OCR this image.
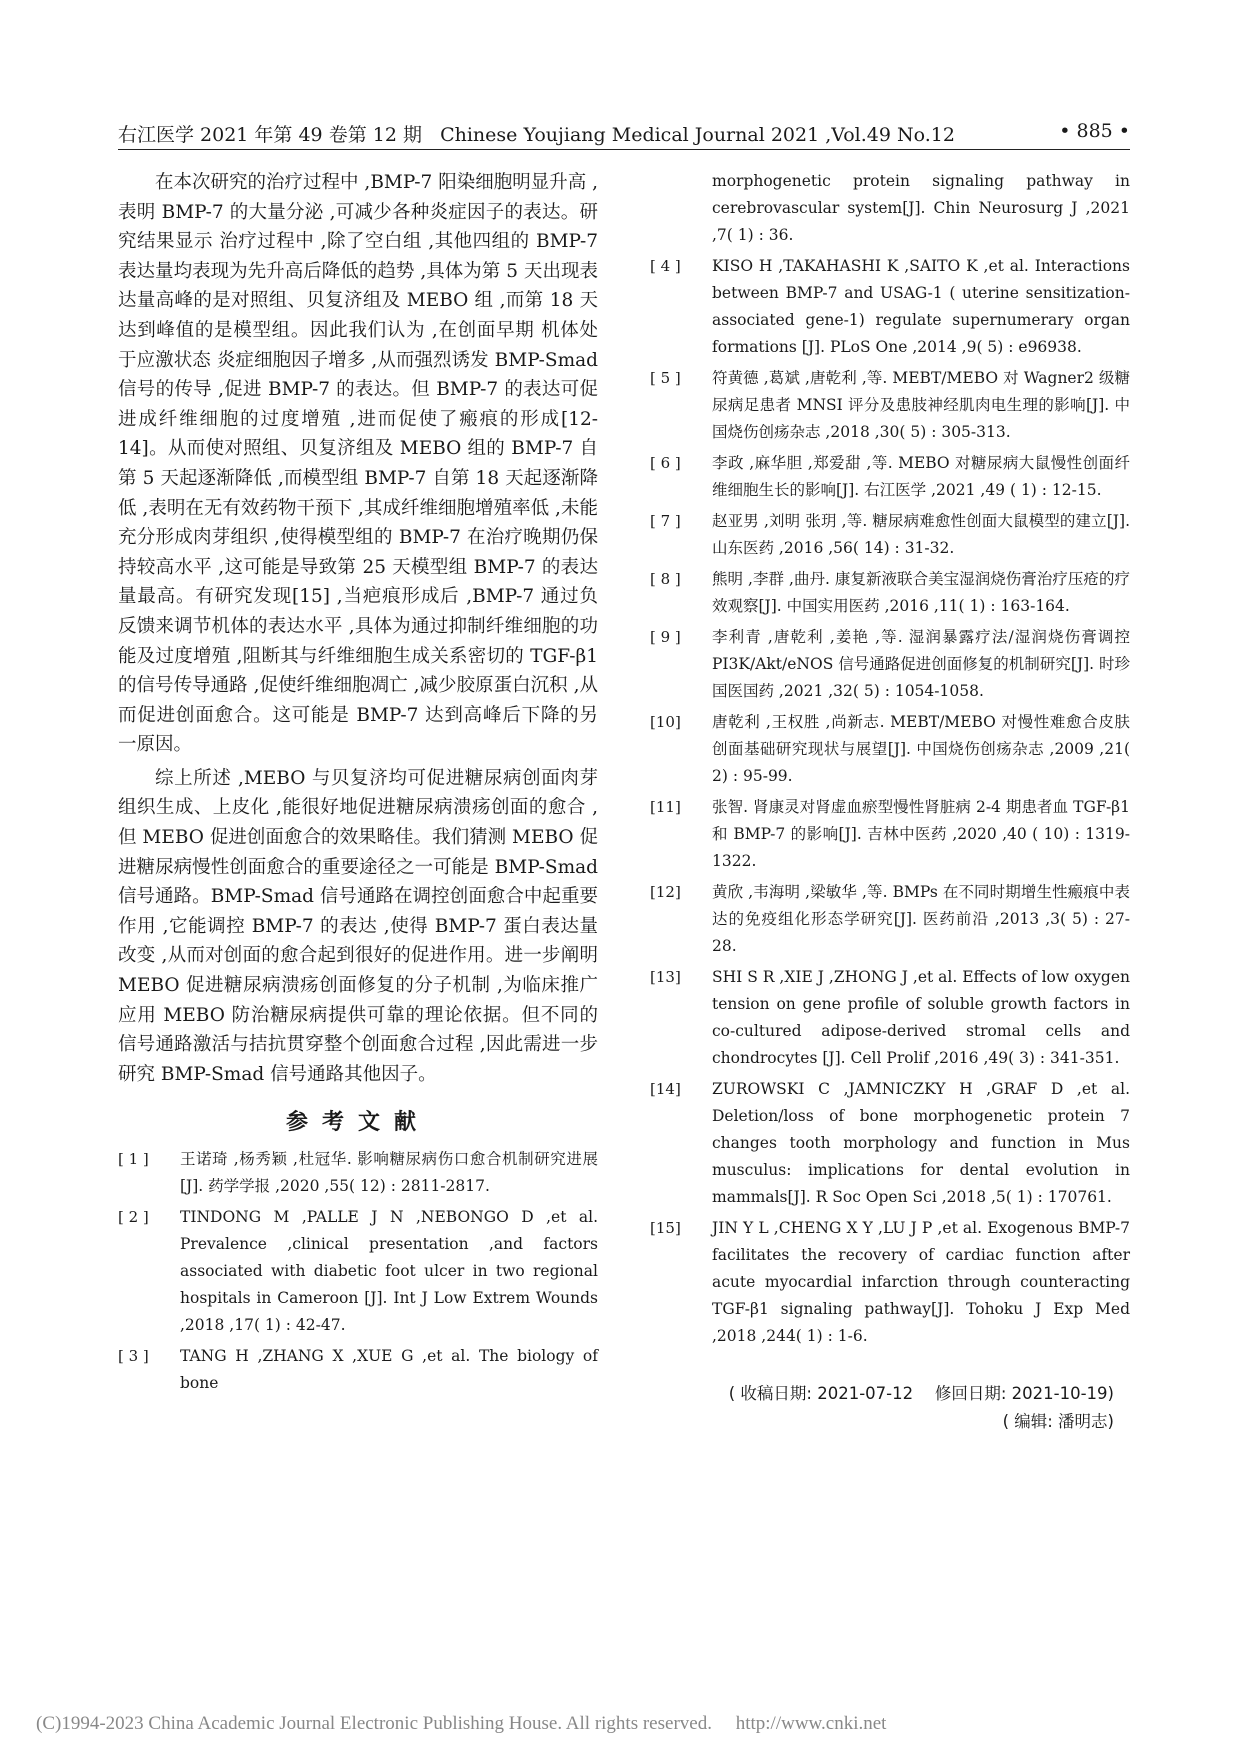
右江医学 2021 年第 49 卷第 12 期 Chinese Youjiang Medical Journal 2021 ,Vol.49 No.12	• 885 •

在本次研究的治疗过程中 ,BMP-7 阳染细胞明显升高 ,表明 BMP-7 的大量分泌 ,可减少各种炎症因子的表达。研究结果显示 治疗过程中 ,除了空白组 ,其他四组的 BMP-7 表达量均表现为先升高后降低的趋势 ,具体为第 5 天出现表达量高峰的是对照组、贝复济组及 MEBO 组 ,而第 18 天达到峰值的是模型组。因此我们认为 ,在创面早期 机体处于应激状态 炎症细胞因子增多 ,从而强烈诱发 BMP-Smad 信号的传导 ,促进 BMP-7 的表达。但 BMP-7 的表达可促进成纤维细胞的过度增殖 ,进而促使了瘢痕的形成[12-14]。从而使对照组、贝复济组及 MEBO 组的 BMP-7 自第 5 天起逐渐降低 ,而模型组 BMP-7 自第 18 天起逐渐降低 ,表明在无有效药物干预下 ,其成纤维细胞增殖率低 ,未能充分形成肉芽组织 ,使得模型组的 BMP-7 在治疗晚期仍保持较高水平 ,这可能是导致第 25 天模型组 BMP-7 的表达量最高。有研究发现[15] ,当疤痕形成后 ,BMP-7 通过负反馈来调节机体的表达水平 ,具体为通过抑制纤维细胞的功能及过度增殖 ,阻断其与纤维细胞生成关系密切的 TGF-β1 的信号传导通路 ,促使纤维细胞凋亡 ,减少胶原蛋白沉积 ,从而促进创面愈合。这可能是 BMP-7 达到高峰后下降的另一原因。

综上所述 ,MEBO 与贝复济均可促进糖尿病创面肉芽组织生成、上皮化 ,能很好地促进糖尿病溃疡创面的愈合 ,但 MEBO 促进创面愈合的效果略佳。我们猜测 MEBO 促进糖尿病慢性创面愈合的重要途径之一可能是 BMP-Smad 信号通路。BMP-Smad 信号通路在调控创面愈合中起重要作用 ,它能调控 BMP-7 的表达 ,使得 BMP-7 蛋白表达量改变 ,从而对创面的愈合起到很好的促进作用。进一步阐明 MEBO 促进糖尿病溃疡创面修复的分子机制 ,为临床推广应用 MEBO 防治糖尿病提供可靠的理论依据。但不同的信号通路激活与拮抗贯穿整个创面愈合过程 ,因此需进一步研究 BMP-Smad 信号通路其他因子。

参考文献
[ 1 ]	王诺琦 ,杨秀颖 ,杜冠华. 影响糖尿病伤口愈合机制研究进展[J]. 药学学报 ,2020 ,55( 12) : 2811-2817.
[ 2 ]	TINDONG M ,PALLE J N ,NEBONGO D ,et al. Prevalence ,clinical presentation ,and factors associated with diabetic foot ulcer in two regional hospitals in Cameroon [J]. Int J Low Extrem Wounds ,2018 ,17( 1) : 42-47.
[ 3 ]	TANG H ,ZHANG X ,XUE G ,et al. The biology of bone
morphogenetic protein signaling pathway in cerebrovascular system[J]. Chin Neurosurg J ,2021 ,7( 1) : 36.
[ 4 ]	KISO H ,TAKAHASHI K ,SAITO K ,et al. Interactions between BMP-7 and USAG-1 ( uterine sensitization-associated gene-1) regulate supernumerary organ formations [J]. PLoS One ,2014 ,9( 5) : e96938.
[ 5 ]	符黄德 ,葛斌 ,唐乾利 ,等. MEBT/MEBO 对 Wagner2 级糖尿病足患者 MNSI 评分及患肢神经肌肉电生理的影响[J]. 中国烧伤创疡杂志 ,2018 ,30( 5) : 305-313.
[ 6 ]	李政 ,麻华胆 ,郑爱甜 ,等. MEBO 对糖尿病大鼠慢性创面纤维细胞生长的影响[J]. 右江医学 ,2021 ,49 ( 1) : 12-15.
[ 7 ]	赵亚男 ,刘明 张玥 ,等. 糖尿病难愈性创面大鼠模型的建立[J]. 山东医药 ,2016 ,56( 14) : 31-32.
[ 8 ]	熊明 ,李群 ,曲丹. 康复新液联合美宝湿润烧伤膏治疗压疮的疗效观察[J]. 中国实用医药 ,2016 ,11( 1) : 163-164.
[ 9 ]	李利青 ,唐乾利 ,姜艳 ,等. 湿润暴露疗法/湿润烧伤膏调控 PI3K/Akt/eNOS 信号通路促进创面修复的机制研究[J]. 时珍国医国药 ,2021 ,32( 5) : 1054-1058.
[10]	唐乾利 ,王权胜 ,尚新志. MEBT/MEBO 对慢性难愈合皮肤创面基础研究现状与展望[J]. 中国烧伤创疡杂志 ,2009 ,21( 2) : 95-99.
[11]	张智. 肾康灵对肾虚血瘀型慢性肾脏病 2-4 期患者血 TGF-β1 和 BMP-7 的影响[J]. 吉林中医药 ,2020 ,40 ( 10) : 1319-1322.
[12]	黄欣 ,韦海明 ,梁敏华 ,等. BMPs 在不同时期增生性瘢痕中表达的免疫组化形态学研究[J]. 医药前沿 ,2013 ,3( 5) : 27-28.
[13]	SHI S R ,XIE J ,ZHONG J ,et al. Effects of low oxygen tension on gene profile of soluble growth factors in co-cultured adipose-derived stromal cells and chondrocytes [J]. Cell Prolif ,2016 ,49( 3) : 341-351.
[14]	ZUROWSKI C ,JAMNICZKY H ,GRAF D ,et al. Deletion/loss of bone morphogenetic protein 7 changes tooth morphology and function in Mus musculus: implications for dental evolution in mammals[J]. R Soc Open Sci ,2018 ,5( 1) : 170761.
[15]	JIN Y L ,CHENG X Y ,LU J P ,et al. Exogenous BMP-7 facilitates the recovery of cardiac function after acute myocardial infarction through counteracting TGF-β1 signaling pathway[J]. Tohoku J Exp Med ,2018 ,244( 1) : 1-6.
( 收稿日期: 2021-07-12　 修回日期: 2021-10-19)
( 编辑: 潘明志)
(C)1994-2023 China Academic Journal Electronic Publishing House. All rights reserved.　 http://www.cnki.net
